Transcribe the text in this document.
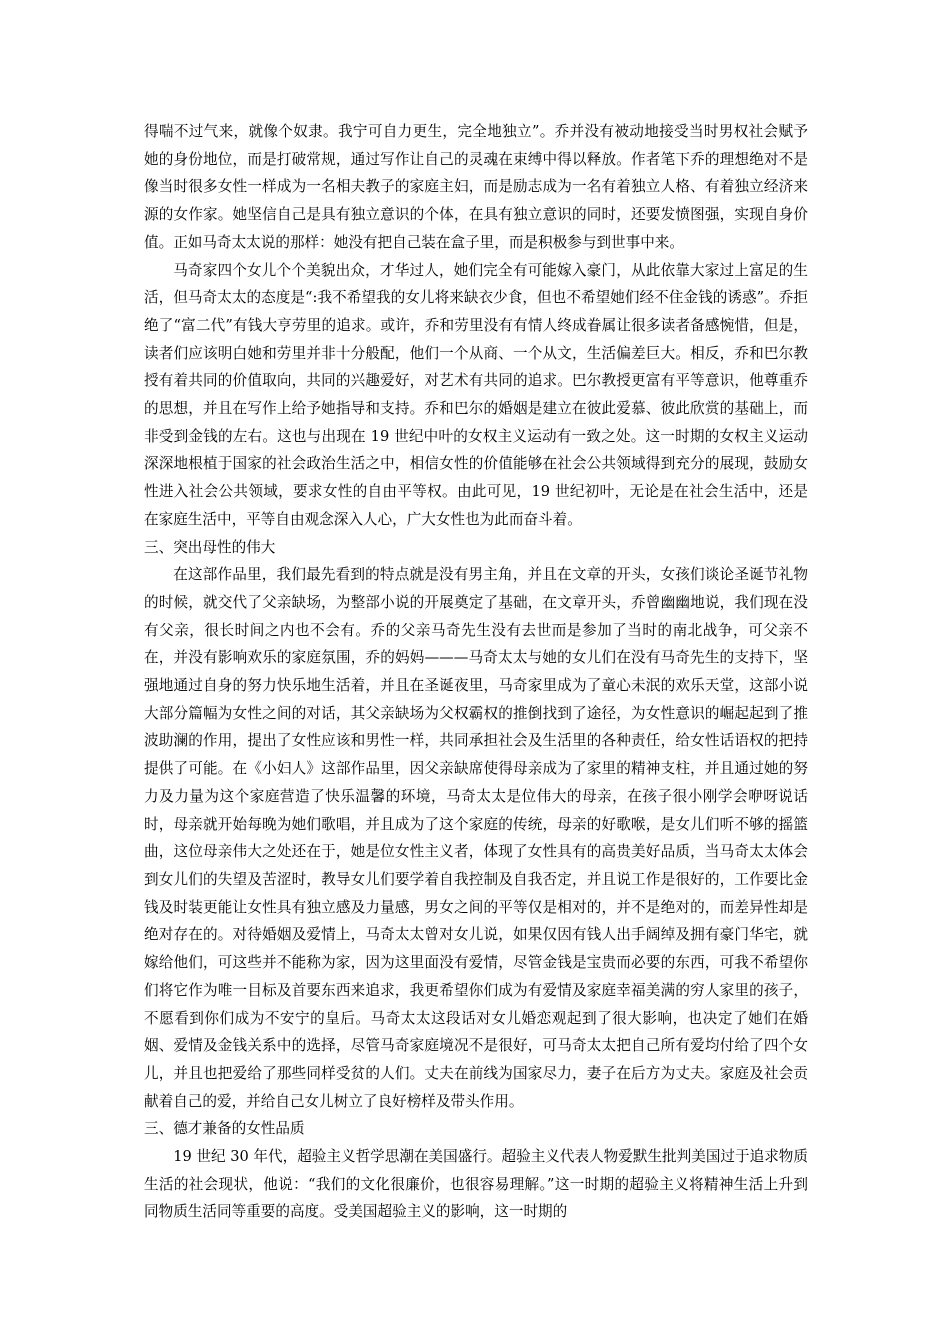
得喘不过气来，就像个奴隶。我宁可自力更生，完全地独立”。乔并没有被动地接受当时男权社会赋予她的身份地位，而是打破常规，通过写作让自己的灵魂在束缚中得以释放。作者笔下乔的理想绝对不是像当时很多女性一样成为一名相夫教子的家庭主妇，而是励志成为一名有着独立人格、有着独立经济来源的女作家。她坚信自己是具有独立意识的个体，在具有独立意识的同时，还要发愤图强，实现自身价值。正如马奇太太说的那样：她没有把自己装在盒子里，而是积极参与到世事中来。

马奇家四个女儿个个美貌出众，才华过人，她们完全有可能嫁入豪门，从此依靠大家过上富足的生活，但马奇太太的态度是“:我不希望我的女儿将来缺衣少食，但也不希望她们经不住金钱的诱惑”。乔拒绝了“富二代”有钱大亨劳里的追求。或许，乔和劳里没有有情人终成眷属让很多读者备感惋惜，但是，读者们应该明白她和劳里并非十分般配，他们一个从商、一个从文，生活偏差巨大。相反，乔和巴尔教授有着共同的价值取向，共同的兴趣爱好，对艺术有共同的追求。巴尔教授更富有平等意识，他尊重乔的思想，并且在写作上给予她指导和支持。乔和巴尔的婚姻是建立在彼此爱慕、彼此欣赏的基础上，而非受到金钱的左右。这也与出现在 19 世纪中叶的女权主义运动有一致之处。这一时期的女权主义运动深深地根植于国家的社会政治生活之中，相信女性的价值能够在社会公共领域得到充分的展现，鼓励女性进入社会公共领域，要求女性的自由平等权。由此可见，19 世纪初叶，无论是在社会生活中，还是在家庭生活中，平等自由观念深入人心，广大女性也为此而奋斗着。

三、突出母性的伟大

在这部作品里，我们最先看到的特点就是没有男主角，并且在文章的开头，女孩们谈论圣诞节礼物的时候，就交代了父亲缺场，为整部小说的开展奠定了基础，在文章开头，乔曾幽幽地说，我们现在没有父亲，很长时间之内也不会有。乔的父亲马奇先生没有去世而是参加了当时的南北战争，可父亲不在，并没有影响欢乐的家庭氛围，乔的妈妈———马奇太太与她的女儿们在没有马奇先生的支持下，坚强地通过自身的努力快乐地生活着，并且在圣诞夜里，马奇家里成为了童心未泯的欢乐天堂，这部小说大部分篇幅为女性之间的对话，其父亲缺场为父权霸权的推倒找到了途径，为女性意识的崛起起到了推波助澜的作用，提出了女性应该和男性一样，共同承担社会及生活里的各种责任，给女性话语权的把持提供了可能。在《小妇人》这部作品里，因父亲缺席使得母亲成为了家里的精神支柱，并且通过她的努力及力量为这个家庭营造了快乐温馨的环境，马奇太太是位伟大的母亲，在孩子很小刚学会咿呀说话时，母亲就开始每晚为她们歌唱，并且成为了这个家庭的传统，母亲的好歌喉，是女儿们听不够的摇篮曲，这位母亲伟大之处还在于，她是位女性主义者，体现了女性具有的高贵美好品质，当马奇太太体会到女儿们的失望及苦涩时，教导女儿们要学着自我控制及自我否定，并且说工作是很好的，工作要比金钱及时装更能让女性具有独立感及力量感，男女之间的平等仅是相对的，并不是绝对的，而差异性却是绝对存在的。对待婚姻及爱情上，马奇太太曾对女儿说，如果仅因有钱人出手阔绰及拥有豪门华宅，就嫁给他们，可这些并不能称为家，因为这里面没有爱情，尽管金钱是宝贵而必要的东西，可我不希望你们将它作为唯一目标及首要东西来追求，我更希望你们成为有爱情及家庭幸福美满的穷人家里的孩子，不愿看到你们成为不安宁的皇后。马奇太太这段话对女儿婚恋观起到了很大影响，也决定了她们在婚姻、爱情及金钱关系中的选择，尽管马奇家庭境况不是很好，可马奇太太把自己所有爱均付给了四个女儿，并且也把爱给了那些同样受贫的人们。丈夫在前线为国家尽力，妻子在后方为丈夫。家庭及社会贡献着自己的爱，并给自己女儿树立了良好榜样及带头作用。

三、德才兼备的女性品质

19 世纪 30 年代，超验主义哲学思潮在美国盛行。超验主义代表人物爱默生批判美国过于追求物质生活的社会现状，他说：“我们的文化很廉价，也很容易理解。”这一时期的超验主义将精神生活上升到同物质生活同等重要的高度。受美国超验主义的影响，这一时期的
